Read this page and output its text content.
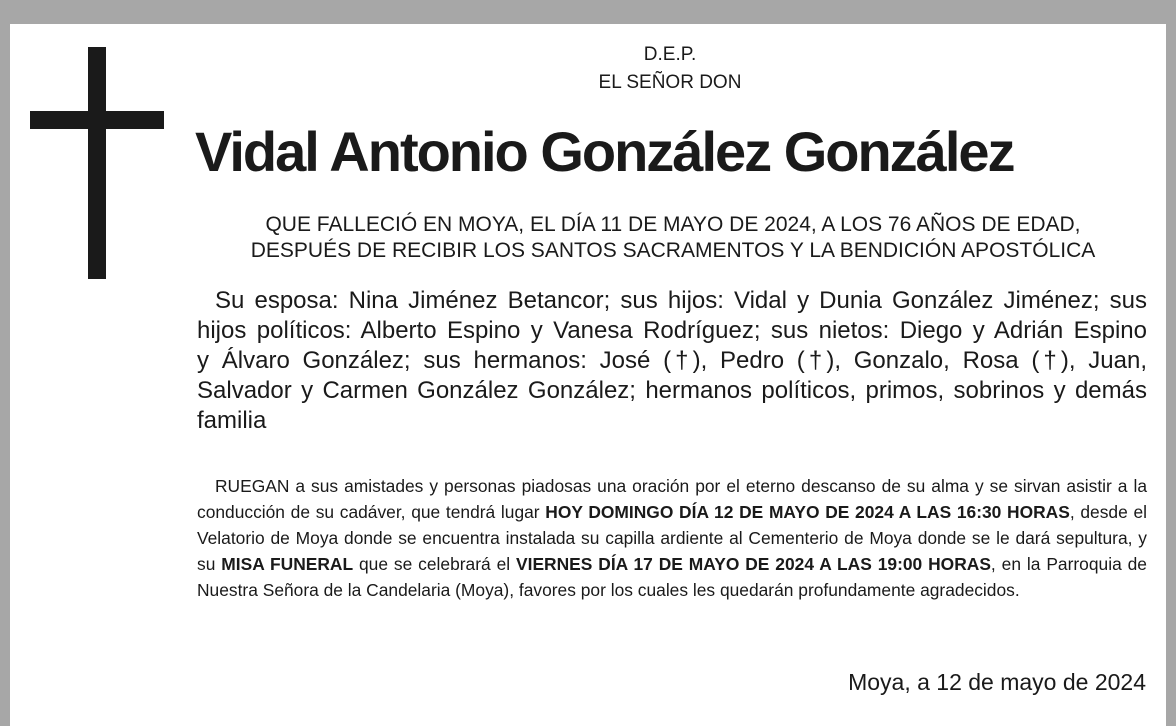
D.E.P.
EL SEÑOR DON
Vidal Antonio González González
QUE FALLECIÓ EN MOYA, EL DÍA 11 DE MAYO DE 2024, A LOS 76 AÑOS DE EDAD,
DESPUÉS DE RECIBIR LOS SANTOS SACRAMENTOS Y LA BENDICIÓN APOSTÓLICA
Su esposa: Nina Jiménez Betancor; sus hijos: Vidal y Dunia González Jiménez; sus hijos políticos: Alberto Espino y Vanesa Rodríguez; sus nietos: Diego y Adrián Espino y Álvaro González; sus hermanos: José (†), Pedro (†), Gonzalo, Rosa (†), Juan, Salvador y Carmen González González; hermanos políticos, primos, sobrinos y demás familia
RUEGAN a sus amistades y personas piadosas una oración por el eterno descanso de su alma y se sirvan asistir a la conducción de su cadáver, que tendrá lugar HOY DOMINGO DÍA 12 DE MAYO DE 2024 A LAS 16:30 HORAS, desde el Velatorio de Moya donde se encuentra instalada su capilla ardiente al Cementerio de Moya donde se le dará sepultura, y su MISA FUNERAL que se celebrará el VIERNES DÍA 17 DE MAYO DE 2024 A LAS 19:00 HORAS, en la Parroquia de Nuestra Señora de la Candelaria (Moya), favores por los cuales les quedarán profundamente agradecidos.
Moya, a 12 de mayo de 2024
